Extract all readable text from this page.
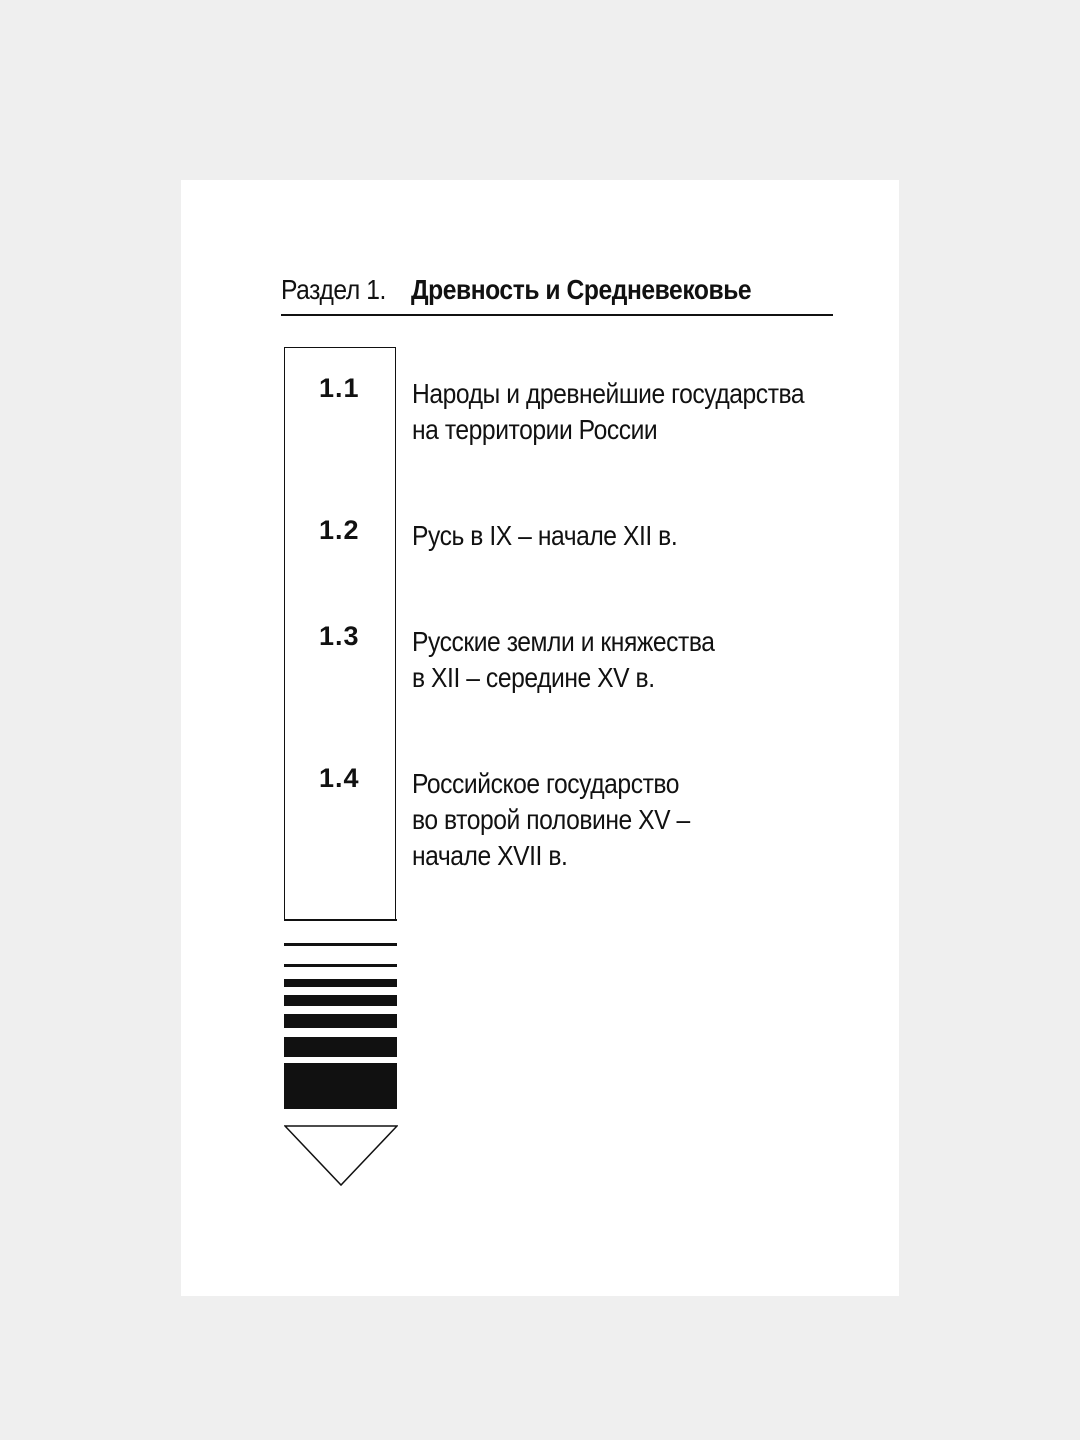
Раздел 1. Древность и Средневековье
1.1 Народы и древнейшие государства
на территории России
1.2 Русь в IX – начале XII в.
1.3 Русские земли и княжества
в XII – середине XV в.
1.4 Российское государство
во второй половине XV –
начале XVII в.
